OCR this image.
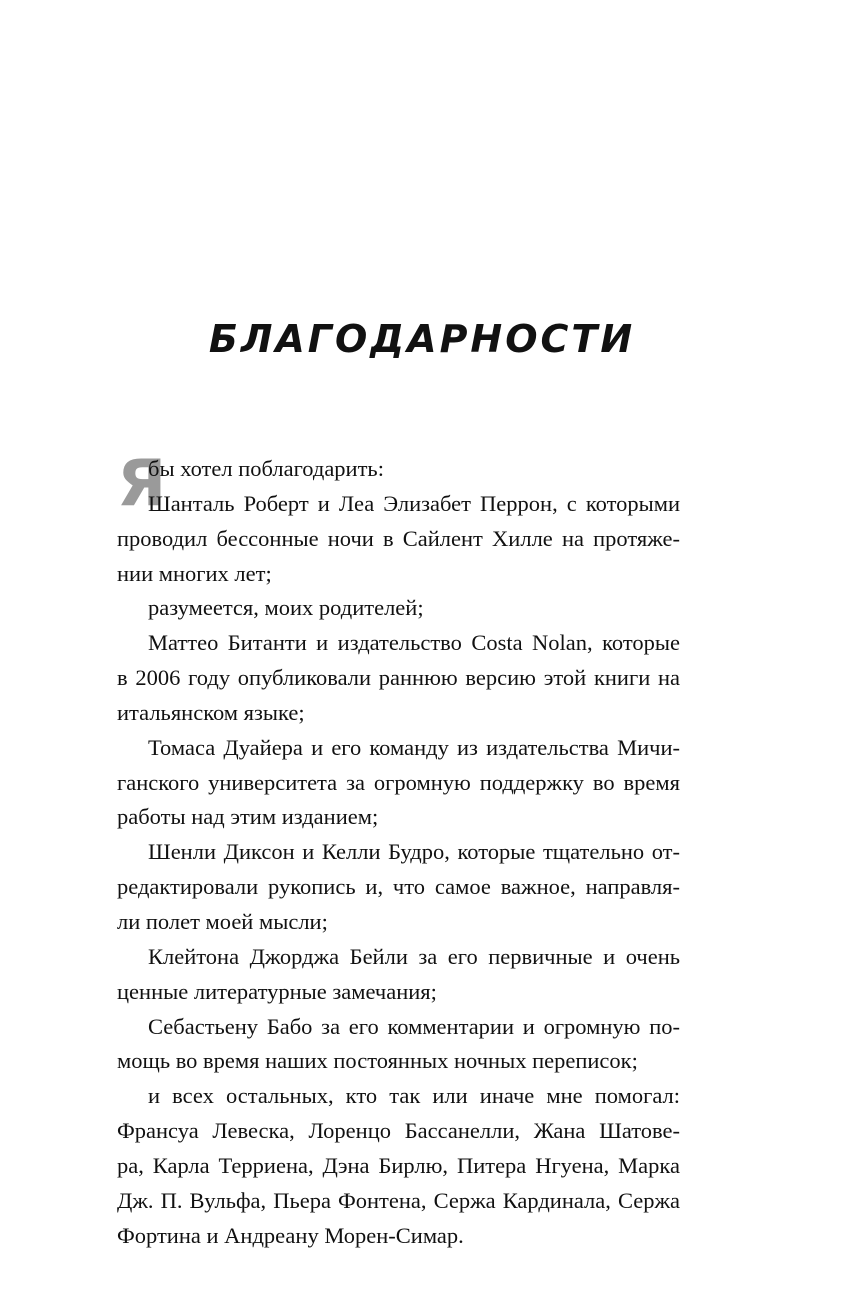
БЛАГОДАРНОСТИ
Я
бы хотел поблагодарить:
Шанталь Роберт и Леа Элизабет Перрон, с которыми
проводил бессонные ночи в Сайлент Хилле на протяже-
нии многих лет;
разумеется, моих родителей;
Маттео Битанти и издательство Costa Nolan, которые
в 2006 году опубликовали раннюю версию этой книги на
итальянском языке;
Томаса Дуайера и его команду из издательства Мичи-
ганского университета за огромную поддержку во время
работы над этим изданием;
Шенли Диксон и Келли Будро, которые тщательно от-
редактировали рукопись и, что самое важное, направля-
ли полет моей мысли;
Клейтона Джорджа Бейли за его первичные и очень
ценные литературные замечания;
Себастьену Бабо за его комментарии и огромную по-
мощь во время наших постоянных ночных переписок;
и всех остальных, кто так или иначе мне помогал:
Франсуа Левеска, Лоренцо Бассанелли, Жана Шатове-
ра, Карла Терриена, Дэна Бирлю, Питера Нгуена, Марка
Дж. П. Вульфа, Пьера Фонтена, Сержа Кардинала, Сержа
Фортина и Андреану Морен-Симар.
